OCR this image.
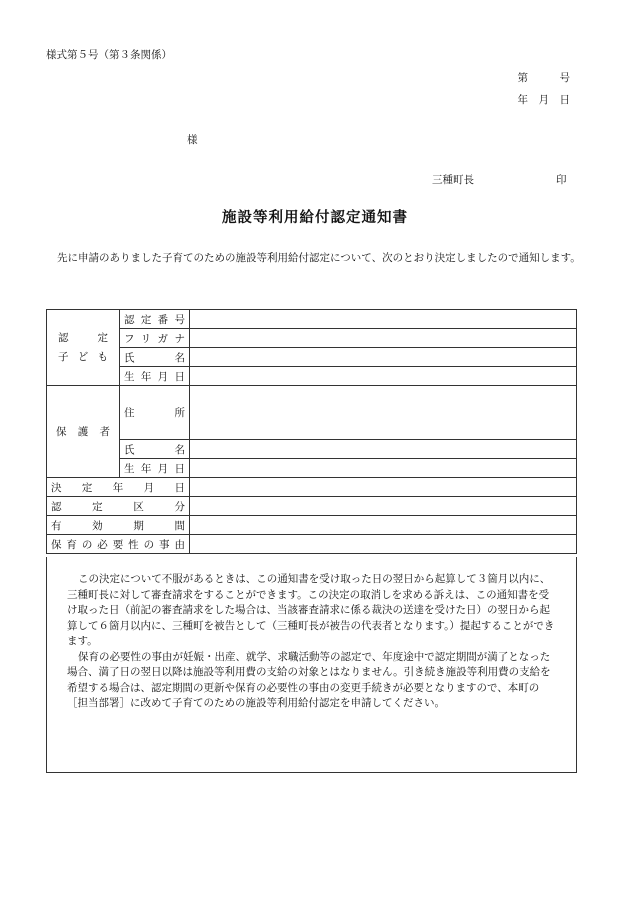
様式第５号（第３条関係）
第　　　号
年　月　日
様
三種町長	印
施設等利用給付認定通知書

先に申請のありました子育てのための施設等利用給付認定について、次のとおり決定しましたので通知します。

認　　定
子ども	認定番号	
	フリガナ	
	氏名	
	生年月日	

保護者	住所	
	氏名	
	生年月日	
決定年月日		
認定区分		
有効期間		
保育の必要性の事由		

この決定について不服があるときは、この通知書を受け取った日の翌日から起算して３箇月以内に、三種町長に対して審査請求をすることができます。この決定の取消しを求める訴えは、この通知書を受け取った日（前記の審査請求をした場合は、当該審査請求に係る裁決の送達を受けた日）の翌日から起算して６箇月以内に、三種町を被告として（三種町長が被告の代表者となります。）提起することができます。

保育の必要性の事由が妊娠・出産、就学、求職活動等の認定で、年度途中で認定期間が満了となった場合、満了日の翌日以降は施設等利用費の支給の対象とはなりません。引き続き施設等利用費の支給を希望する場合は、認定期間の更新や保育の必要性の事由の変更手続きが必要となりますので、本町の［担当部署］に改めて子育てのための施設等利用給付認定を申請してください。
